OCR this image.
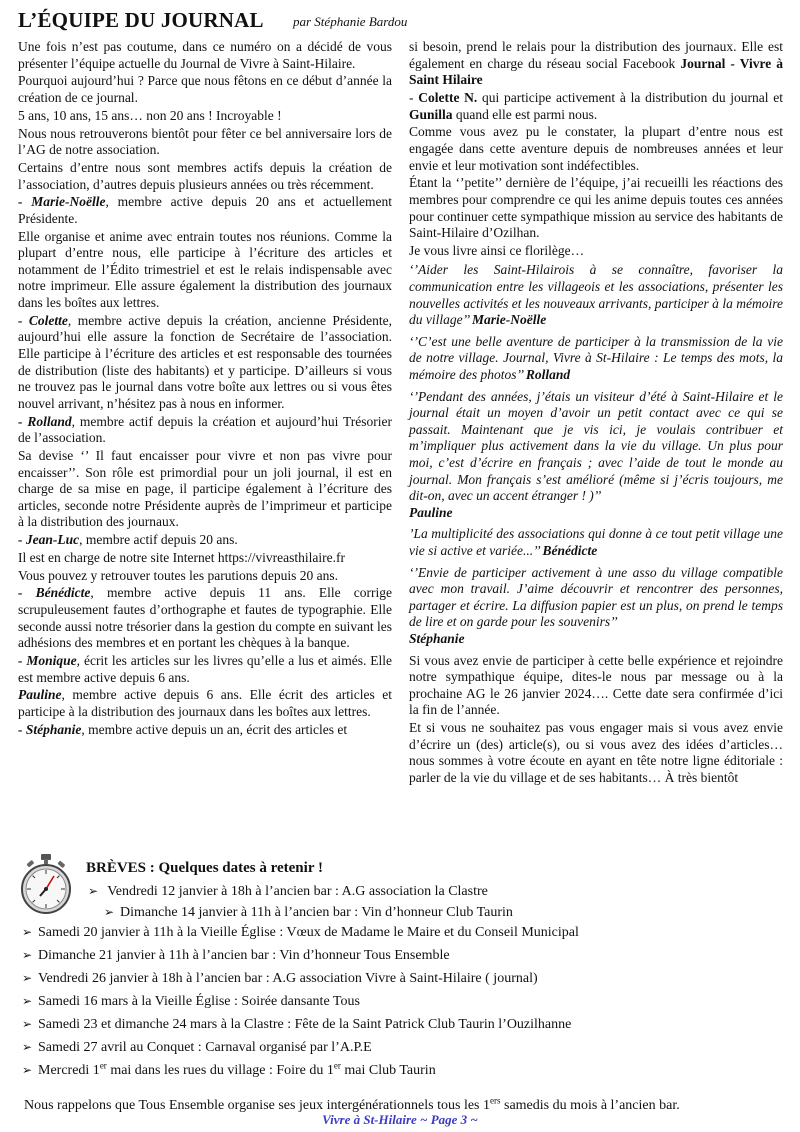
L’ÉQUIPE DU JOURNAL par Stéphanie Bardou

Une fois n’est pas coutume, dans ce numéro on a décidé de vous présenter l’équipe actuelle du Journal de Vivre à Saint-Hilaire.

Pourquoi aujourd’hui ? Parce que nous fêtons en ce début d’année la création de ce journal.

5 ans, 10 ans, 15 ans… non 20 ans ! Incroyable !

Nous nous retrouverons bientôt pour fêter ce bel anniversaire lors de l’AG de notre association.

Certains d’entre nous sont membres actifs depuis la création de l’association, d’autres depuis plusieurs années ou très récemment.

- Marie-Noëlle, membre active depuis 20 ans et actuellement Présidente.

Elle organise et anime avec entrain toutes nos réunions. Comme la plupart d’entre nous, elle participe à l’écriture des articles et notamment de l’Édito trimestriel et est le relais indispensable avec notre imprimeur. Elle assure également la distribution des journaux dans les boîtes aux lettres.

- Colette, membre active depuis la création, ancienne Présidente, aujourd’hui elle assure la fonction de Secrétaire de l’association. Elle participe à l’écriture des articles et est responsable des tournées de distribution (liste des habitants) et y participe. D’ailleurs si vous ne trouvez pas le journal dans votre boîte aux lettres ou si vous êtes nouvel arrivant, n’hésitez pas à nous en informer.

- Rolland, membre actif depuis la création et aujourd’hui Trésorier de l’association.

Sa devise ‘’ Il faut encaisser pour vivre et non pas vivre pour encaisser’’. Son rôle est primordial pour un joli journal, il est en charge de sa mise en page, il participe également à l’écriture des articles, seconde notre Présidente auprès de l’imprimeur et participe à la distribution des journaux.

- Jean-Luc, membre actif depuis 20 ans.

Il est en charge de notre site Internet https://vivreasthilaire.fr

Vous pouvez y retrouver toutes les parutions depuis 20 ans.

- Bénédicte, membre active depuis 11 ans. Elle corrige scrupuleusement fautes d’orthographe et fautes de typographie. Elle seconde aussi notre trésorier dans la gestion du compte en suivant les adhésions des membres et en portant les chèques à la banque.

- Monique, écrit les articles sur les livres qu’elle a lus et aimés. Elle est membre active depuis 6 ans.

Pauline, membre active depuis 6 ans. Elle écrit des articles et participe à la distribution des journaux dans les boîtes aux lettres.

- Stéphanie, membre active depuis un an, écrit des articles et

si besoin, prend le relais pour la distribution des journaux. Elle est également en charge du réseau social Facebook Journal - Vivre à Saint Hilaire

- Colette N. qui participe activement à la distribution du journal et Gunilla quand elle est parmi nous.

Comme vous avez pu le constater, la plupart d’entre nous est engagée dans cette aventure depuis de nombreuses années et leur envie et leur motivation sont indéfectibles.

Étant la ‘’petite’’ dernière de l’équipe, j’ai recueilli les réactions des membres pour comprendre ce qui les anime depuis toutes ces années pour continuer cette sympathique mission au service des habitants de Saint-Hilaire d’Ozilhan.

Je vous livre ainsi ce florilège…

‘’Aider les Saint-Hilairois à se connaître, favoriser la communication entre les villageois et les associations, présenter les nouvelles activités et les nouveaux arrivants, participer à la mémoire du village’’ Marie-Noëlle

‘’C’est une belle aventure de participer à la transmission de la vie de notre village. Journal, Vivre à St-Hilaire : Le temps des mots, la mémoire des photos’’ Rolland

‘’Pendant des années, j’étais un visiteur d’été à Saint-Hilaire et le journal était un moyen d’avoir un petit contact avec ce qui se passait. Maintenant que je vis ici, je voulais contribuer et m’impliquer plus activement dans la vie du village. Un plus pour moi, c’est d’écrire en français ; avec l’aide de tout le monde au journal. Mon français s’est amélioré (même si j’écris toujours, me dit-on, avec un accent étranger ! )’’
Pauline

’La multiplicité des associations qui donne à ce tout petit village une vie si active et variée...’’ Bénédicte

‘’Envie de participer activement à une asso du village compatible avec mon travail. J’aime découvrir et rencontrer des personnes, partager et écrire. La diffusion papier est un plus, on prend le temps de lire et on garde pour les souvenirs’’
Stéphanie

Si vous avez envie de participer à cette belle expérience et rejoindre notre sympathique équipe, dites-le nous par message ou à la prochaine AG le 26 janvier 2024…. Cette date sera confirmée d’ici la fin de l’année.

Et si vous ne souhaitez pas vous engager mais si vous avez envie d’écrire un (des) article(s), ou si vous avez des idées d’articles… nous sommes à votre écoute en ayant en tête notre ligne éditoriale : parler de la vie du village et de ses habitants… À très bientôt

BRÈVES : Quelques dates à retenir !
➢ Vendredi 12 janvier à 18h à l’ancien bar : A.G association la Clastre
➢ Dimanche 14 janvier à 11h à l’ancien bar : Vin d’honneur Club Taurin
➢ Samedi 20 janvier à 11h à la Vieille Église : Vœux de Madame le Maire et du Conseil Municipal
➢ Dimanche 21 janvier à 11h à l’ancien bar : Vin d’honneur Tous Ensemble
➢ Vendredi 26 janvier à 18h à l’ancien bar : A.G association Vivre à Saint-Hilaire ( journal)
➢ Samedi 16 mars à la Vieille Église : Soirée dansante Tous
➢ Samedi 23 et dimanche 24 mars à la Clastre : Fête de la Saint Patrick Club Taurin l’Ouzilhanne
➢ Samedi 27 avril au Conquet : Carnaval organisé par l’A.P.E
➢ Mercredi 1er mai dans les rues du village : Foire du 1er mai Club Taurin
Nous rappelons que Tous Ensemble organise ses jeux intergénérationnels tous les 1ers samedis du mois à l’ancien bar.
Vivre à St-Hilaire ~ Page 3 ~
